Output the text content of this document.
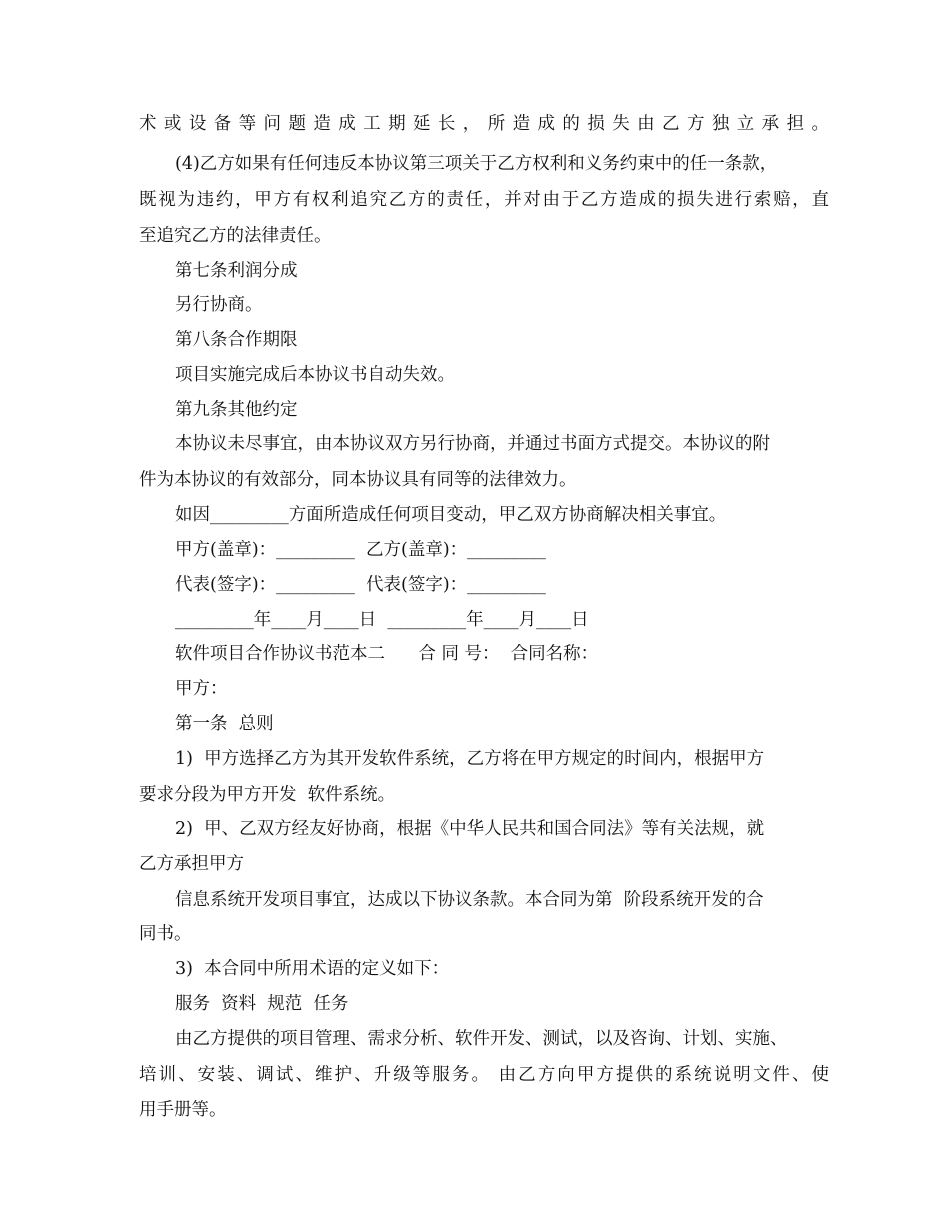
术或设备等问题造成工期延长，所造成的损失由乙方独立承担。
(4)乙方如果有任何违反本协议第三项关于乙方权利和义务约束中的任一条款，
既视为违约，甲方有权利追究乙方的责任，并对由于乙方造成的损失进行索赔，直
至追究乙方的法律责任。
第七条利润分成
另行协商。
第八条合作期限
项目实施完成后本协议书自动失效。
第九条其他约定
本协议未尽事宜，由本协议双方另行协商，并通过书面方式提交。本协议的附
件为本协议的有效部分，同本协议具有同等的法律效力。
如因_________方面所造成任何项目变动，甲乙双方协商解决相关事宜。
甲方(盖章)：_________  乙方(盖章)：_________
代表(签字)：_________  代表(签字)：_________
_________年____月____日  _________年____月____日
软件项目合作协议书范本二      合 同 号：  合同名称：
甲方：
第一条  总则
1)  甲方选择乙方为其开发软件系统，乙方将在甲方规定的时间内，根据甲方
要求分段为甲方开发  软件系统。
2)  甲、乙双方经友好协商，根据《中华人民共和国合同法》等有关法规，就
乙方承担甲方
信息系统开发项目事宜，达成以下协议条款。本合同为第  阶段系统开发的合
同书。
3)  本合同中所用术语的定义如下：
服务  资料  规范  任务
由乙方提供的项目管理、需求分析、软件开发、测试，以及咨询、计划、实施、
培训、安装、调试、维护、升级等服务。 由乙方向甲方提供的系统说明文件、使
用手册等。
